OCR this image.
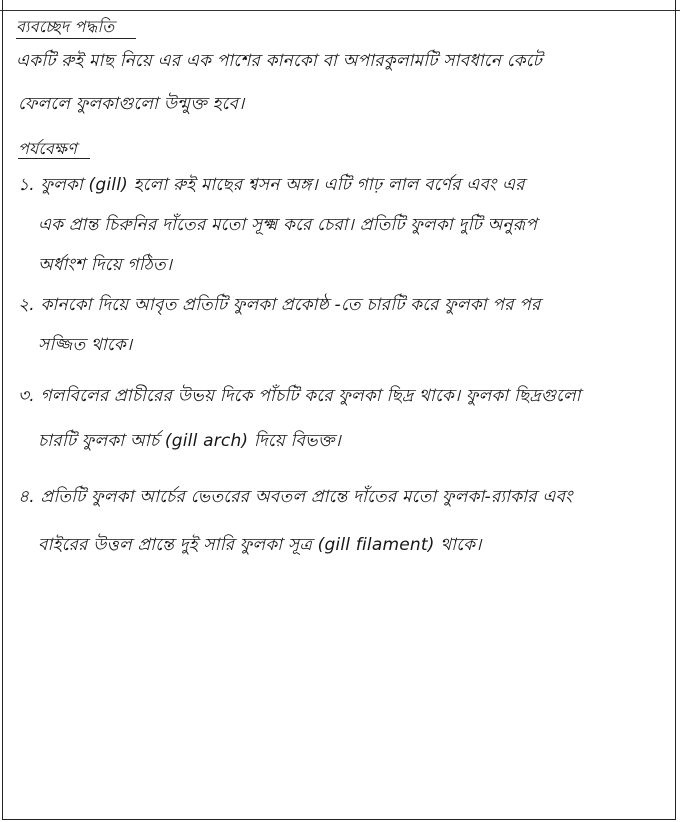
ব্যবচ্ছেদ পদ্ধতি
একটি রুই মাছ নিয়ে এর এক পাশের কানকো বা অপারকুলামটি সাবধানে কেটে
ফেললে ফুলকাগুলো উন্মুক্ত হবে।
পর্যবেক্ষণ
১. ফুলকা (gill) হলো রুই মাছের শ্বসন অঙ্গ। এটি গাঢ় লাল বর্ণের এবং এর
এক প্রান্ত চিরুনির দাঁতের মতো সূক্ষ্ম করে চেরা। প্রতিটি ফুলকা দুটি অনুরূপ
অর্ধাংশ দিয়ে গঠিত।
২. কানকো দিয়ে আবৃত প্রতিটি ফুলকা প্রকোষ্ঠ -তে চারটি করে ফুলকা পর পর
সজ্জিত থাকে।
৩. গলবিলের প্রাচীরের উভয় দিকে পাঁচটি করে ফুলকা ছিদ্র থাকে। ফুলকা ছিদ্রগুলো
চারটি ফুলকা আর্চ (gill arch) দিয়ে বিভক্ত।
৪. প্রতিটি ফুলকা আর্চের ভেতরের অবতল প্রান্তে দাঁতের মতো ফুলকা-র‍্যাকার এবং
বাইরের উত্তল প্রান্তে দুই সারি ফুলকা সূত্র (gill filament) থাকে।
